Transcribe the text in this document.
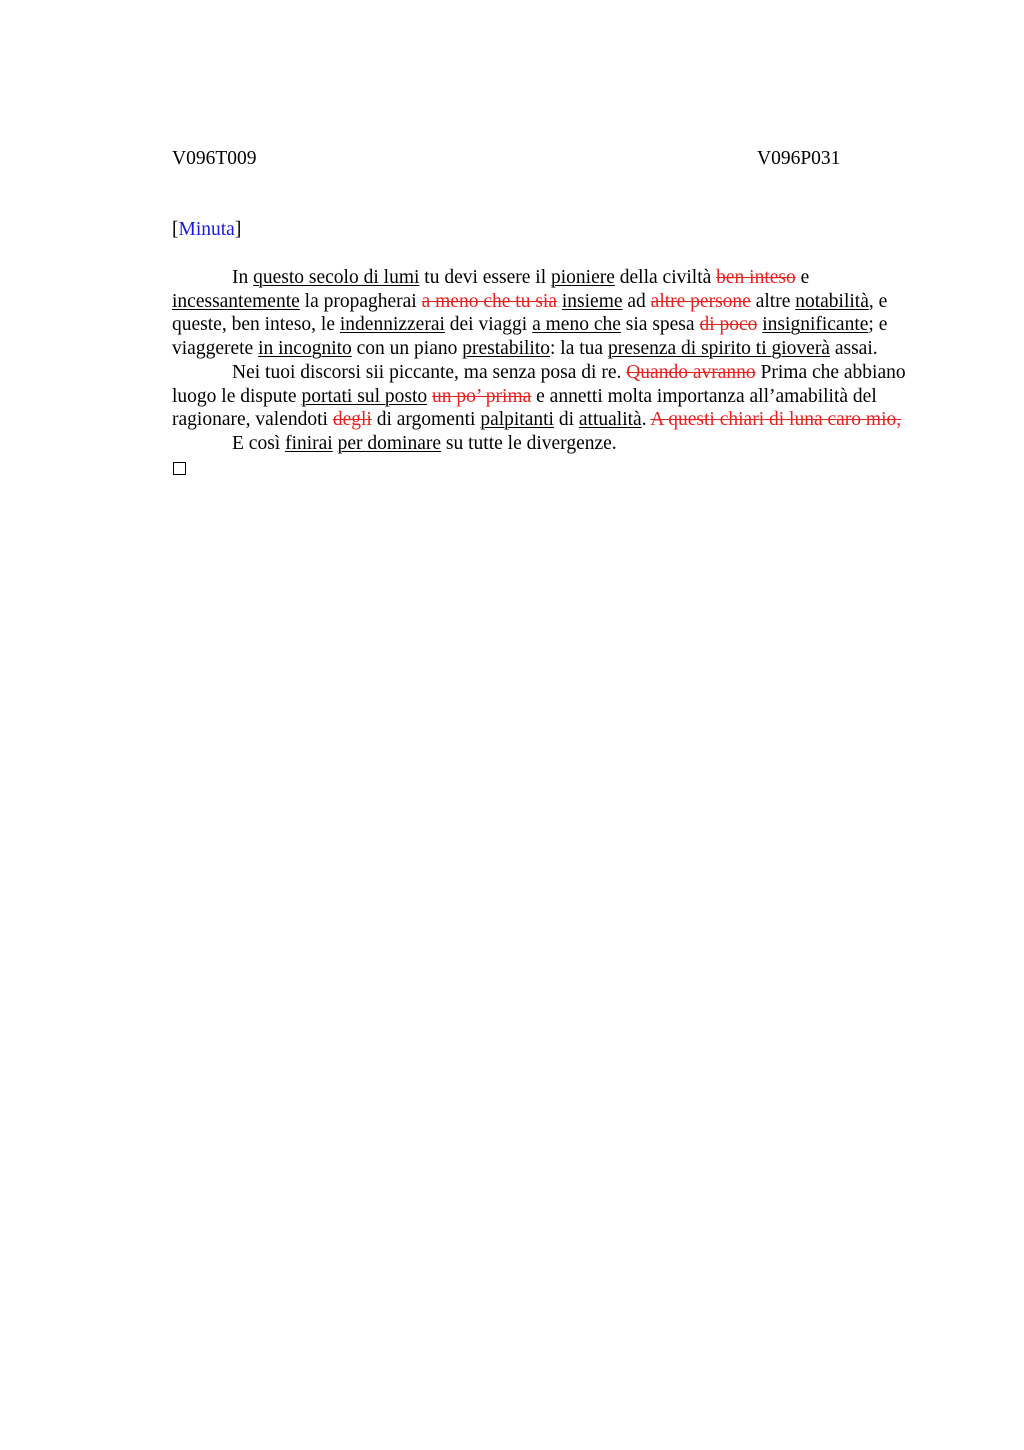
V096T009	V096P031
[Minuta]

In questo secolo di lumi tu devi essere il pioniere della civiltà ben inteso e incessantemente la propagherai a meno che tu sia insieme ad altre persone altre notabilità, e queste, ben inteso, le indennizzerai dei viaggi a meno che sia spesa di poco insignificante; e viaggerete in incognito con un piano prestabilito: la tua presenza di spirito ti gioverà assai.

Nei tuoi discorsi sii piccante, ma senza posa di re. Quando avranno Prima che abbiano luogo le dispute portati sul posto un po’ prima e annetti molta importanza all’amabilità del ragionare, valendoti degli di argomenti palpitanti di attualità. A questi chiari di luna caro mio,

E così finirai per dominare su tutte le divergenze.
